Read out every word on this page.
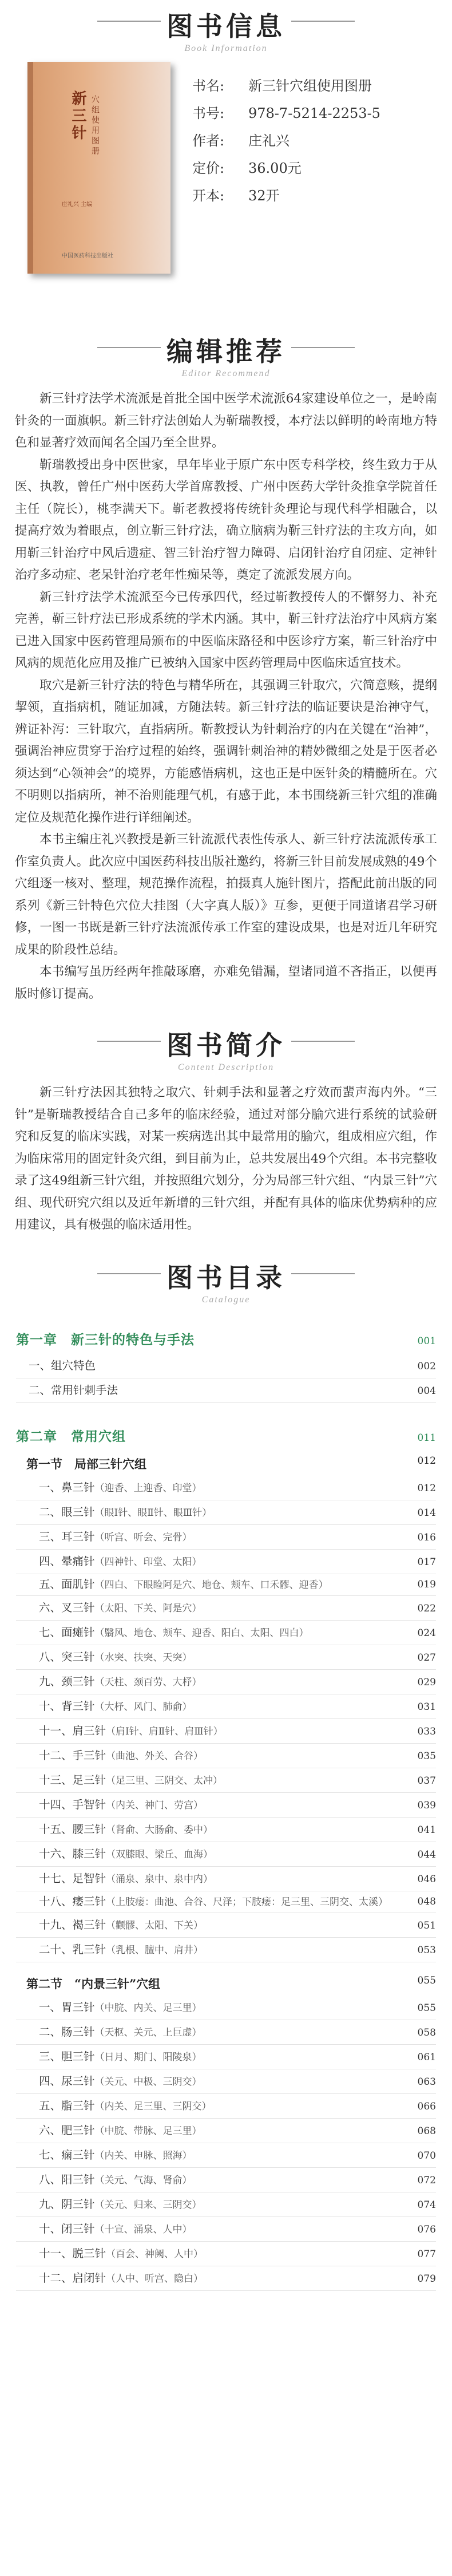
图书信息
Book Information
新三针 穴组使用图册
庄礼兴 主编
中国医药科技出版社
书名: 新三针穴组使用图册
书号: 978-7-5214-2253-5
作者: 庄礼兴
定价: 36.00元
开本: 32开
编辑推荐
Editor Recommend

新三针疗法学术流派是首批全国中医学术流派64家建设单位之一，是岭南针灸的一面旗帜。新三针疗法创始人为靳瑞教授，本疗法以鲜明的岭南地方特色和显著疗效而闻名全国乃至全世界。

靳瑞教授出身中医世家，早年毕业于原广东中医专科学校，终生致力于从医、执教，曾任广州中医药大学首席教授、广州中医药大学针灸推拿学院首任主任（院长），桃李满天下。靳老教授将传统针灸理论与现代科学相融合，以提高疗效为着眼点，创立靳三针疗法，确立脑病为靳三针疗法的主攻方向，如用靳三针治疗中风后遗症、智三针治疗智力障碍、启闭针治疗自闭症、定神针治疗多动症、老呆针治疗老年性痴呆等，奠定了流派发展方向。

新三针疗法学术流派至今已传承四代，经过靳教授传人的不懈努力、补充完善，靳三针疗法已形成系统的学术内涵。其中，靳三针疗法治疗中风病方案已进入国家中医药管理局颁布的中医临床路径和中医诊疗方案，靳三针治疗中风病的规范化应用及推广已被纳入国家中医药管理局中医临床适宜技术。

取穴是新三针疗法的特色与精华所在，其强调三针取穴，穴简意赅，提纲挈领，直指病机，随证加减，方随法转。新三针疗法的临证要诀是治神守气，辨证补泻：三针取穴，直指病所。靳教授认为针刺治疗的内在关键在“治神”，强调治神应贯穿于治疗过程的始终，强调针刺治神的精妙微细之处是于医者必须达到“心领神会”的境界，方能感悟病机，这也正是中医针灸的精髓所在。穴不明则以指病所，神不治则能理气机，有感于此，本书围绕新三针穴组的准确定位及规范化操作进行详细阐述。

本书主编庄礼兴教授是新三针流派代表性传承人、新三针疗法流派传承工作室负责人。此次应中国医药科技出版社邀约，将新三针目前发展成熟的49个穴组逐一核对、整理，规范操作流程，拍摄真人施针图片，搭配此前出版的同系列《新三针特色穴位大挂图（大字真人版）》互参，更便于同道诸君学习研修，一图一书既是新三针疗法流派传承工作室的建设成果，也是对近几年研究成果的阶段性总结。

本书编写虽历经两年推敲琢磨，亦难免错漏，望诸同道不吝指正，以便再版时修订提高。

图书简介
Content Description

新三针疗法因其独特之取穴、针刺手法和显著之疗效而蜚声海内外。“三针”是靳瑞教授结合自己多年的临床经验，通过对部分腧穴进行系统的试验研究和反复的临床实践，对某一疾病选出其中最常用的腧穴，组成相应穴组，作为临床常用的固定针灸穴组，到目前为止，总共发展出49个穴组。本书完整收录了这49组新三针穴组，并按照组穴划分，分为局部三针穴组、“内景三针”穴组、现代研究穴组以及近年新增的三针穴组，并配有具体的临床优势病种的应用建议，具有极强的临床适用性。

图书目录
Catalogue
第一章　新三针的特色与手法	001
一、组穴特色	002
二、常用针刺手法	004
第二章　常用穴组	011
第一节　局部三针穴组	012
一、鼻三针（迎香、上迎香、印堂）	012
二、眼三针（眼Ⅰ针、眼Ⅱ针、眼Ⅲ针）	014
三、耳三针（听宫、听会、完骨）	016
四、晕痛针（四神针、印堂、太阳）	017
五、面肌针（四白、下眼睑阿是穴、地仓、颊车、口禾髎、迎香）	019
六、叉三针（太阳、下关、阿是穴）	022
七、面瘫针（翳风、地仓、颊车、迎香、阳白、太阳、四白）	024
八、突三针（水突、扶突、天突）	027
九、颈三针（天柱、颈百劳、大杼）	029
十、背三针（大杼、风门、肺俞）	031
十一、肩三针（肩Ⅰ针、肩Ⅱ针、肩Ⅲ针）	033
十二、手三针（曲池、外关、合谷）	035
十三、足三针（足三里、三阴交、太冲）	037
十四、手智针（内关、神门、劳宫）	039
十五、腰三针（肾俞、大肠俞、委中）	041
十六、膝三针（双膝眼、梁丘、血海）	044
十七、足智针（涌泉、泉中、泉中内）	046
十八、痿三针（上肢痿：曲池、合谷、尺泽；下肢痿：足三里、三阴交、太溪）	048
十九、褐三针（颧髎、太阳、下关）	051
二十、乳三针（乳根、膻中、肩井）	053
第二节　“内景三针”穴组	055
一、胃三针（中脘、内关、足三里）	055
二、肠三针（天枢、关元、上巨虚）	058
三、胆三针（日月、期门、阳陵泉）	061
四、尿三针（关元、中极、三阴交）	063
五、脂三针（内关、足三里、三阴交）	066
六、肥三针（中脘、带脉、足三里）	068
七、痫三针（内关、申脉、照海）	070
八、阳三针（关元、气海、肾俞）	072
九、阴三针（关元、归来、三阴交）	074
十、闭三针（十宣、涌泉、人中）	076
十一、脱三针（百会、神阙、人中）	077
十二、启闭针（人中、听宫、隐白）	079
